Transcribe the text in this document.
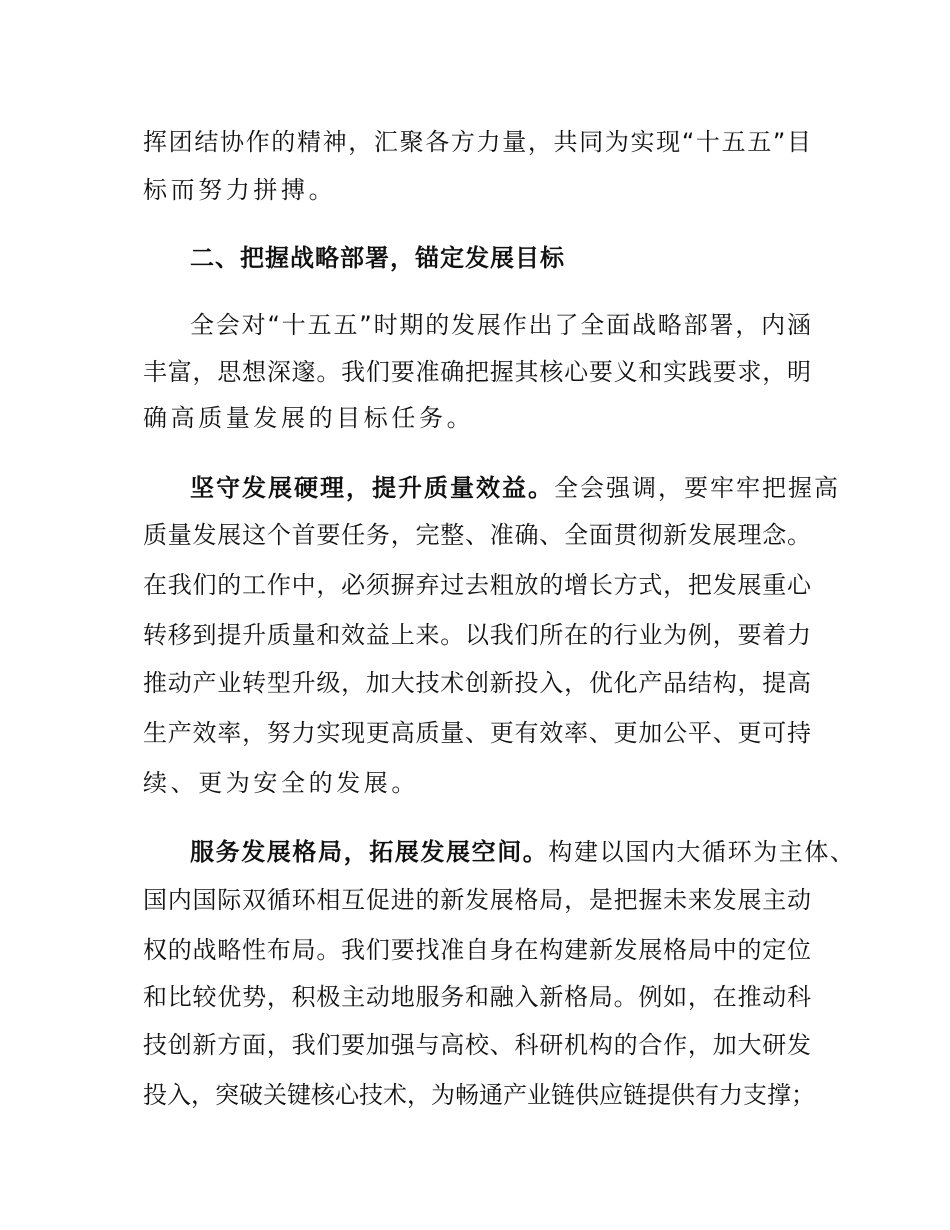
挥团结协作的精神，汇聚各方力量，共同为实现“十五五”目
标而努力拼搏。
二、把握战略部署，锚定发展目标
全会对“十五五”时期的发展作出了全面战略部署，内涵
丰富，思想深邃。我们要准确把握其核心要义和实践要求，明
确高质量发展的目标任务。
坚守发展硬理，提升质量效益。全会强调，要牢牢把握高
质量发展这个首要任务，完整、准确、全面贯彻新发展理念。
在我们的工作中，必须摒弃过去粗放的增长方式，把发展重心
转移到提升质量和效益上来。以我们所在的行业为例，要着力
推动产业转型升级，加大技术创新投入，优化产品结构，提高
生产效率，努力实现更高质量、更有效率、更加公平、更可持
续、更为安全的发展。
服务发展格局，拓展发展空间。构建以国内大循环为主体、
国内国际双循环相互促进的新发展格局，是把握未来发展主动
权的战略性布局。我们要找准自身在构建新发展格局中的定位
和比较优势，积极主动地服务和融入新格局。例如，在推动科
技创新方面，我们要加强与高校、科研机构的合作，加大研发
投入，突破关键核心技术，为畅通产业链供应链提供有力支撑；
